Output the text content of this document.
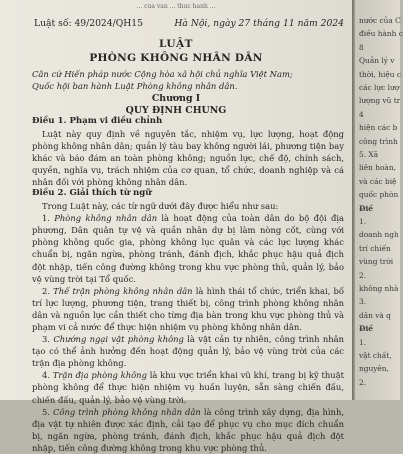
... cua van ... thuc hanh ...
Luật số: 49/2024/QH15	Hà Nội, ngày 27 tháng 11 năm 2024
LUẬT
PHÒNG KHÔNG NHÂN DÂN
Căn cứ Hiến pháp nước Cộng hòa xã hội chủ nghĩa Việt Nam;
Quốc hội ban hành Luật Phòng không nhân dân.
Chương I
QUY ĐỊNH CHUNG
Điều 1. Phạm vi điều chỉnh
Luật này quy định về nguyên tắc, nhiệm vụ, lực lượng, hoạt động phòng không nhân dân; quản lý tàu bay không người lái, phương tiện bay khác và báo đám an toàn phòng không; nguồn lực, chế độ, chính sách, quyền, nghĩa vụ, trách nhiệm của cơ quan, tổ chức, doanh nghiệp và cá nhân đối với phòng không nhân dân.
Điều 2. Giải thích từ ngữ
Trong Luật này, các từ ngữ dưới đây được hiểu như sau:
1. Phòng không nhân dân là hoạt động của toàn dân do bộ đội địa phương, Dân quân tự vệ và quần nhân dự bị làm nòng cốt, cùng với phòng không quốc gia, phòng không lục quân và các lực lượng khác chuẩn bị, ngăn ngừa, phòng tránh, đánh địch, khắc phục hậu quả địch đột nhập, tiến công đường không trong khu vực phòng thủ, quản lý, bảo vệ vùng trời tại Tổ quốc.
2. Thế trận phòng không nhân dân là hình thái tổ chức, triển khai, bố trí lực lượng, phương tiện, trang thiết bị, công trình phòng không nhân dân và nguồn lực cần thiết cho từng địa bàn trong khu vực phòng thủ và phạm vi cả nước để thực hiện nhiệm vụ phòng không nhân dân.
3. Chướng ngại vật phòng không là vật cản tự nhiên, công trình nhân tạo có thể ảnh hưởng đến hoạt động quản lý, bảo vệ vùng trời của các trận địa phòng không.
4. Trận địa phòng không là khu vực triển khai vũ khí, trang bị kỹ thuật phòng không để thực hiện nhiệm vụ huấn luyện, sẵn sàng chiến đấu, chiến đấu, quản lý, bảo vệ vùng trời.
5. Công trình phòng không nhân dân là công trình xây dựng, địa hình, địa vật tự nhiên được xác định, cải tạo để phục vụ cho mục đích chuẩn bị, ngăn ngừa, phòng tránh, đánh địch, khắc phục hậu quả địch đột nhập, tiến công đường không trong khu vực phòng thủ.
nước của C
điều hành c
8
Quản lý v
thời, hiệu c
các lực lượ
lượng vũ tr
4
hiện các b
công trình
5. Xã
liên hoàn,
và các biệ
quốc phòn
Điề
1.
doanh ngh
trí chiến
vùng trời
2.
không nhà
3.
dân và q
Điề
1.
vật chất,
nguyên,
2.
